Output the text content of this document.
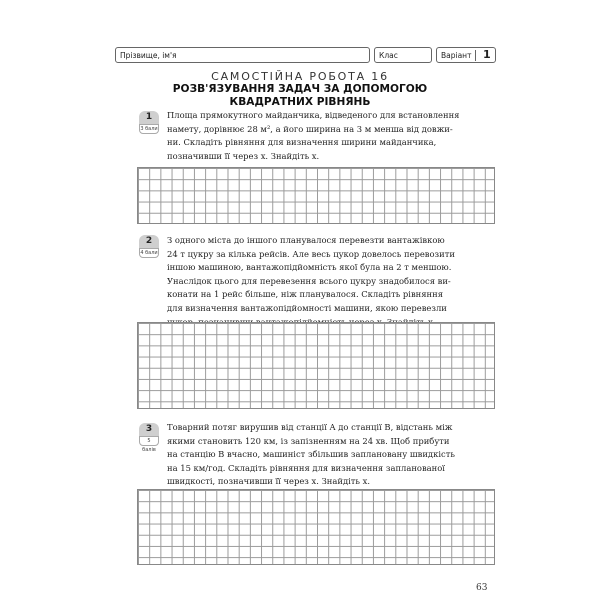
Прізвище, ім'я	Клас	Варіант 1
САМОСТІЙНА РОБОТА 16
РОЗВ'ЯЗУВАННЯ ЗАДАЧ ЗА ДОПОМОГОЮ
КВАДРАТНИХ РІВНЯНЬ
1
3 бали
Площа прямокутного майданчика, відведеного для встановлення
намету, дорівнює 28 м², а його ширина на 3 м менша від довжи-
ни. Складіть рівняння для визначення ширини майданчика,
позначивши її через x. Знайдіть x.
2
4 бали
З одного міста до іншого планувалося перевезти вантажівкою
24 т цукру за кілька рейсів. Але весь цукор довелось перевозити
іншою машиною, вантажопідйомність якої була на 2 т меншою.
Унаслідок цього для перевезення всього цукру знадобилося ви-
конати на 1 рейс більше, ніж планувалося. Складіть рівняння
для визначення вантажопідйомності машини, якою перевезли
3
5 балів
Товарний потяг вирушив від станції A до станції B, відстань між
якими становить 120 км, із запізненням на 24 хв. Щоб прибути
на станцію B вчасно, машиніст збільшив заплановану швидкість
на 15 км/год. Складіть рівняння для визначення запланованої
швидкості, позначивши її через x. Знайдіть x.
63
